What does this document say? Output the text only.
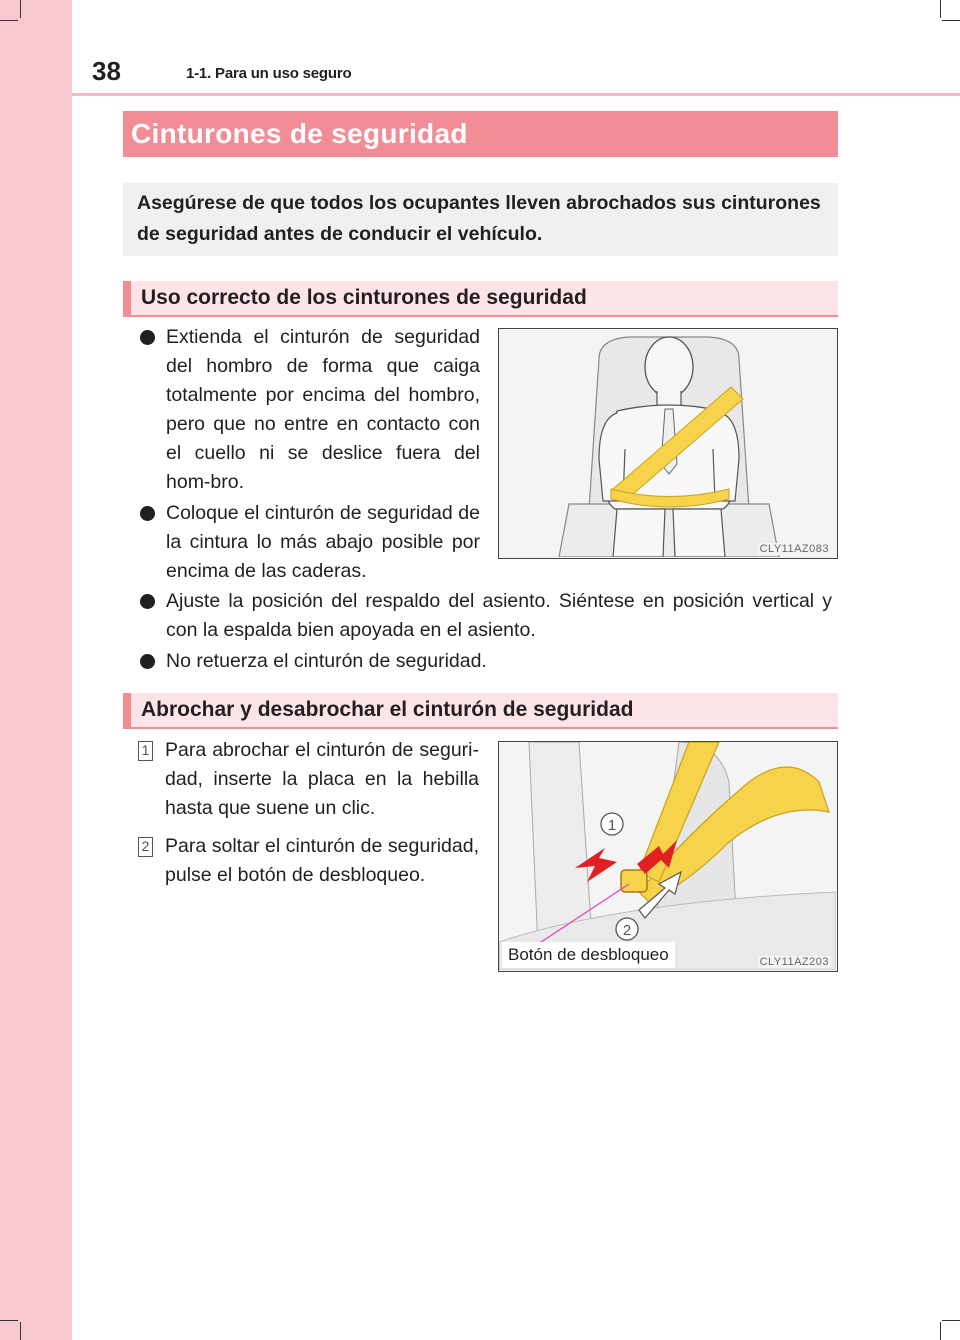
38	1-1. Para un uso seguro
Cinturones de seguridad

Asegúrese de que todos los ocupantes lleven abrochados sus cinturones de seguridad antes de conducir el vehículo.

Uso correcto de los cinturones de seguridad
Extienda el cinturón de seguridad del hombro de forma que caiga totalmente por encima del hombro, pero que no entre en contacto con el cuello ni se deslice fuera del hom-bro.
Coloque el cinturón de seguridad de la cintura lo más abajo posible por encima de las caderas.
Ajuste la posición del respaldo del asiento. Siéntese en posición vertical y con la espalda bien apoyada en el asiento.
No retuerza el cinturón de seguridad.
CLY11AZ083
Abrochar y desabrochar el cinturón de seguridad
1 Para abrochar el cinturón de seguri-dad, inserte la placa en la hebilla hasta que suene un clic.
2 Para soltar el cinturón de seguridad, pulse el botón de desbloqueo.
1
2
Botón de desbloqueo	CLY11AZ203
